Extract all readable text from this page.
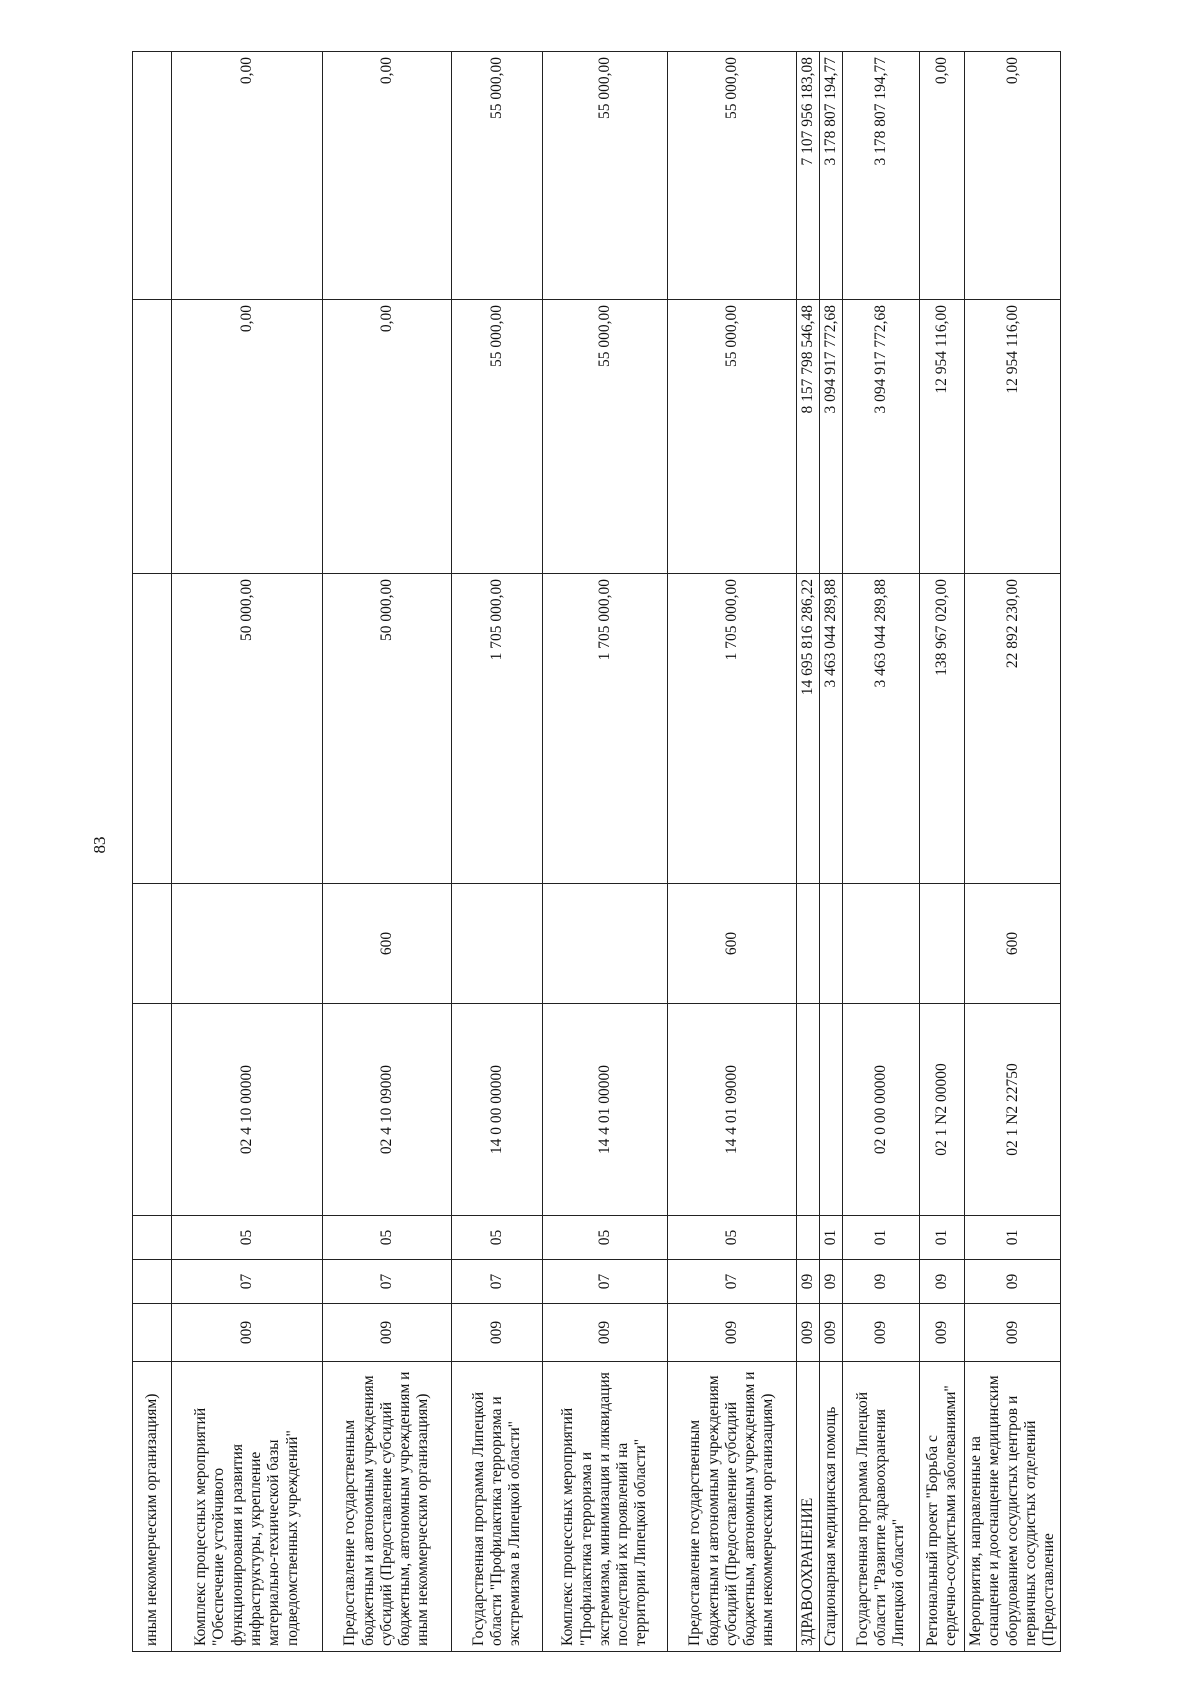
83
иным некоммерческим организациям)								
Комплекс процессных мероприятий "Обеспечение устойчивого функционирования и развития инфраструктуры, укрепление материально-технической базы подведомственных учреждений"	009	07	05	02 4 10 00000		50 000,00	0,00	0,00
Предоставление государственным бюджетным и автономным учреждениям субсидий (Предоставление субсидий бюджетным, автономным учреждениям и иным некоммерческим организациям)	009	07	05	02 4 10 09000	600	50 000,00	0,00	0,00
Государственная программа Липецкой области "Профилактика терроризма и экстремизма в Липецкой области"	009	07	05	14 0 00 00000		1 705 000,00	55 000,00	55 000,00
Комплекс процессных мероприятий "Профилактика терроризма и экстремизма, минимизация и ликвидация последствий их проявлений на территории Липецкой области"	009	07	05	14 4 01 00000		1 705 000,00	55 000,00	55 000,00
Предоставление государственным бюджетным и автономным учреждениям субсидий (Предоставление субсидий бюджетным, автономным учреждениям и иным некоммерческим организациям)	009	07	05	14 4 01 09000	600	1 705 000,00	55 000,00	55 000,00
ЗДРАВООХРАНЕНИЕ	009	09				14 695 816 286,22	8 157 798 546,48	7 107 956 183,08
Стационарная медицинская помощь	009	09	01			3 463 044 289,88	3 094 917 772,68	3 178 807 194,77
Государственная программа Липецкой области "Развитие здравоохранения Липецкой области"	009	09	01	02 0 00 00000		3 463 044 289,88	3 094 917 772,68	3 178 807 194,77
Региональный проект "Борьба с сердечно-сосудистыми заболеваниями"	009	09	01	02 1 N2 00000		138 967 020,00	12 954 116,00	0,00
Мероприятия, направленные на оснащение и дооснащение медицинским оборудованием сосудистых центров и первичных сосудистых отделений (Предоставление	009	09	01	02 1 N2 22750	600	22 892 230,00	12 954 116,00	0,00
